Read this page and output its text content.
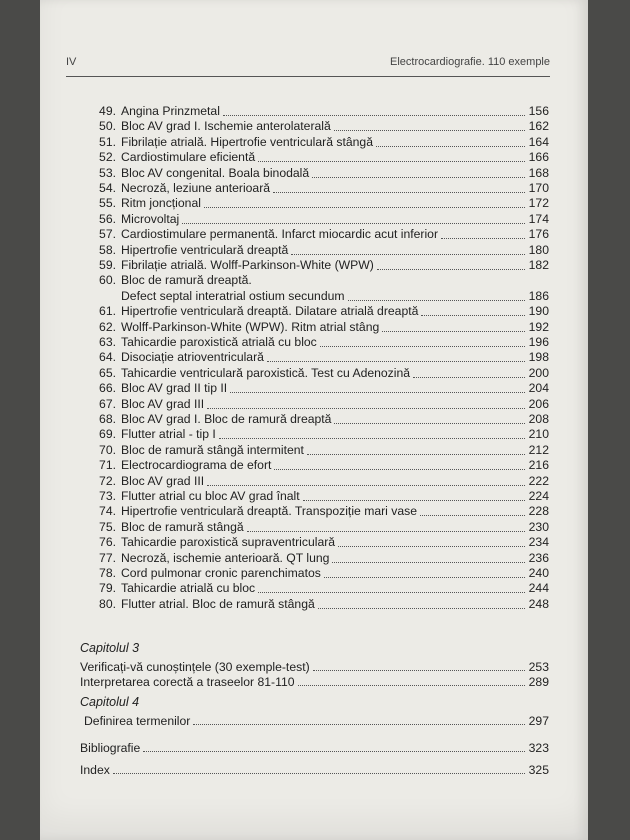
IV	Electrocardiografie. 110 exemple
49. Angina Prinzmetal	156
50. Bloc AV grad I. Ischemie anterolaterală	162
51. Fibrilație atrială. Hipertrofie ventriculară stângă	164
52. Cardiostimulare eficientă	166
53. Bloc AV congenital. Boala binodală	168
54. Necroză, leziune anterioară	170
55. Ritm joncțional	172
56. Microvoltaj	174
57. Cardiostimulare permanentă. Infarct miocardic acut inferior	176
58. Hipertrofie ventriculară dreaptă	180
59. Fibrilație atrială. Wolff-Parkinson-White (WPW)	182
60. Bloc de ramură dreaptă.
Defect septal interatrial ostium secundum	186
61. Hipertrofie ventriculară dreaptă. Dilatare atrială dreaptă	190
62. Wolff-Parkinson-White (WPW). Ritm atrial stâng	192
63. Tahicardie paroxistică atrială cu bloc	196
64. Disociație atrioventriculară	198
65. Tahicardie ventriculară paroxistică. Test cu Adenozină	200
66. Bloc AV grad II tip II	204
67. Bloc AV grad III	206
68. Bloc AV grad I. Bloc de ramură dreaptă	208
69. Flutter atrial - tip I	210
70. Bloc de ramură stângă intermitent	212
71. Electrocardiograma de efort	216
72. Bloc AV grad III	222
73. Flutter atrial cu bloc AV grad înalt	224
74. Hipertrofie ventriculară dreaptă. Transpoziție mari vase	228
75. Bloc de ramură stângă	230
76. Tahicardie paroxistică supraventriculară	234
77. Necroză, ischemie anterioară. QT lung	236
78. Cord pulmonar cronic parenchimatos	240
79. Tahicardie atrială cu bloc	244
80. Flutter atrial. Bloc de ramură stângă	248
Capitolul 3
Verificați-vă cunoștințele (30 exemple-test)	253
Interpretarea corectă a traseelor 81-110	289
Capitolul 4
Definirea termenilor	297
Bibliografie	323
Index	325
